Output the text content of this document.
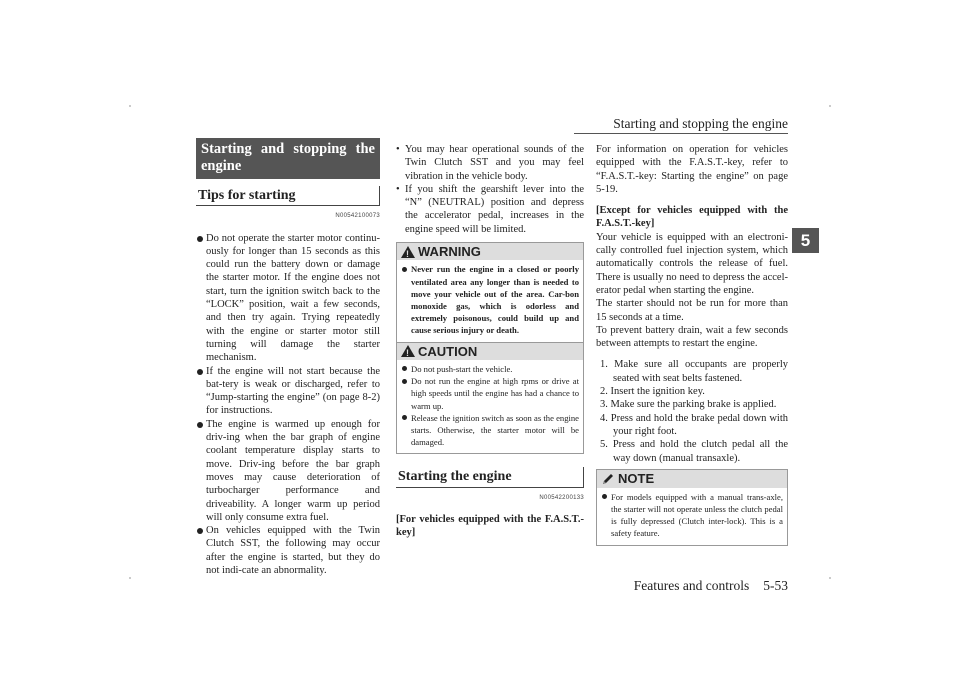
Starting and stopping the engine
5
Starting and stopping the engine
Tips for starting
N00542100073
Do not operate the starter motor continu-ously for longer than 15 seconds as this could run the battery down or damage the starter motor. If the engine does not start, turn the ignition switch back to the “LOCK” position, wait a few seconds, and then try again. Trying repeatedly with the engine or starter motor still turning will damage the starter mechanism.
If the engine will not start because the bat-tery is weak or discharged, refer to “Jump-starting the engine” (on page 8-2) for instructions.
The engine is warmed up enough for driv-ing when the bar graph of engine coolant temperature display starts to move. Driv-ing before the bar graph moves may cause deterioration of turbocharger performance and driveability. A longer warm up period will only consume extra fuel.
On vehicles equipped with the Twin Clutch SST, the following may occur after the engine is started, but they do not indi-cate an abnormality.
• You may hear operational sounds of the Twin Clutch SST and you may feel vibration in the vehicle body.
• If you shift the gearshift lever into the “N” (NEUTRAL) position and depress the accelerator pedal, increases in the engine speed will be limited.
!
WARNING
Never run the engine in a closed or poorly ventilated area any longer than is needed to move your vehicle out of the area. Car-bon monoxide gas, which is odorless and extremely poisonous, could build up and cause serious injury or death.
!
CAUTION
Do not push-start the vehicle.
Do not run the engine at high rpms or drive at high speeds until the engine has had a chance to warm up.
Release the ignition switch as soon as the engine starts. Otherwise, the starter motor will be damaged.
Starting the engine
N00542200133
[For vehicles equipped with the F.A.S.T.-key]
For information on operation for vehicles equipped with the F.A.S.T.-key, refer to “F.A.S.T.-key: Starting the engine” on page 5-19.
[Except for vehicles equipped with the F.A.S.T.-key]
Your vehicle is equipped with an electroni-cally controlled fuel injection system, which automatically controls the release of fuel. There is usually no need to depress the accel-erator pedal when starting the engine.
The starter should not be run for more than 15 seconds at a time.
To prevent battery drain, wait a few seconds between attempts to restart the engine.
1. Make sure all occupants are properly seated with seat belts fastened.
2. Insert the ignition key.
3. Make sure the parking brake is applied.
4. Press and hold the brake pedal down with your right foot.
5. Press and hold the clutch pedal all the way down (manual transaxle).
NOTE
For models equipped with a manual trans-axle, the starter will not operate unless the clutch pedal is fully depressed (Clutch inter-lock). This is a safety feature.
Features and controls 5-53
